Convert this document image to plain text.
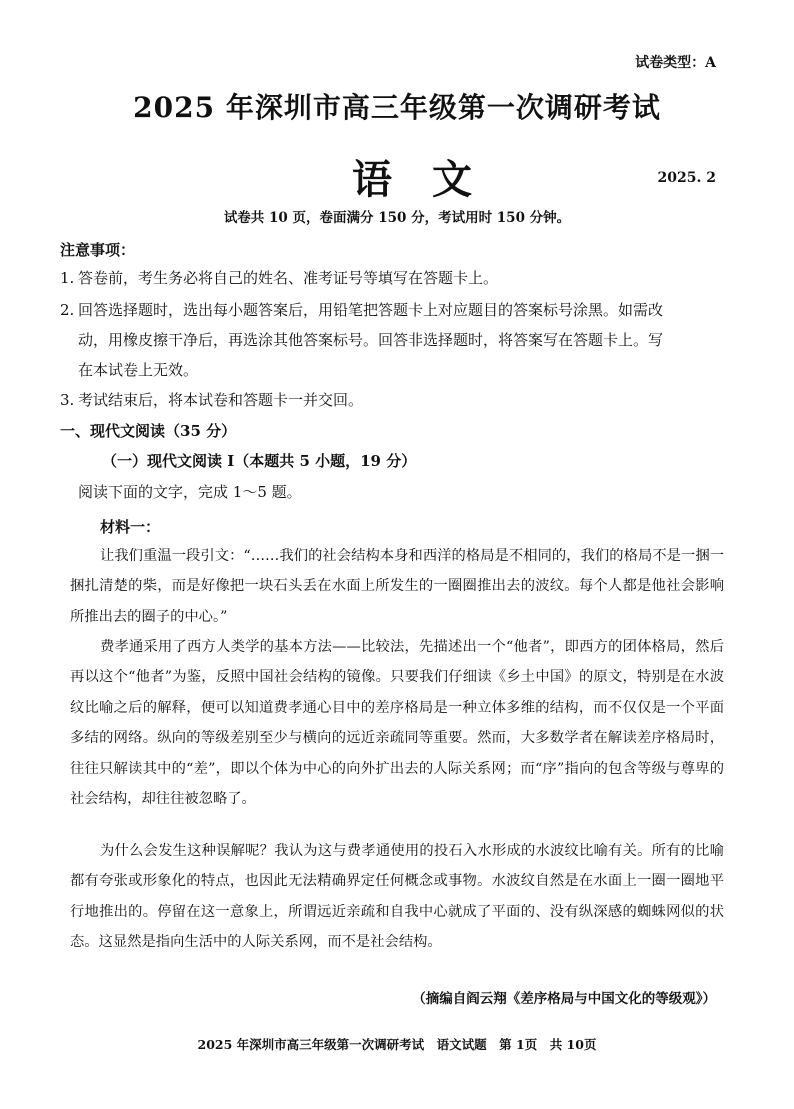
试卷类型：A
2025 年深圳市高三年级第一次调研考试
语文	2025. 2
试卷共 10 页，卷面满分 150 分，考试用时 150 分钟。
注意事项：
1. 答卷前，考生务必将自己的姓名、准考证号等填写在答题卡上。
2. 回答选择题时，选出每小题答案后，用铅笔把答题卡上对应题目的答案标号涂黑。如需改
动，用橡皮擦干净后，再选涂其他答案标号。回答非选择题时，将答案写在答题卡上。写
在本试卷上无效。
3. 考试结束后，将本试卷和答题卡一并交回。
一、现代文阅读（35 分）
（一）现代文阅读 I（本题共 5 小题，19 分）
阅读下面的文字，完成 1～5 题。
材料一：
让我们重温一段引文：“……我们的社会结构本身和西洋的格局是不相同的，我们的格局不是一捆一捆扎清楚的柴，而是好像把一块石头丢在水面上所发生的一圈圈推出去的波纹。每个人都是他社会影响所推出去的圈子的中心。”
费孝通采用了西方人类学的基本方法——比较法，先描述出一个“他者”，即西方的团体格局，然后再以这个“他者”为鉴，反照中国社会结构的镜像。只要我们仔细读《乡土中国》的原文，特别是在水波纹比喻之后的解释，便可以知道费孝通心目中的差序格局是一种立体多维的结构，而不仅仅是一个平面多结的网络。纵向的等级差别至少与横向的远近亲疏同等重要。然而，大多数学者在解读差序格局时，往往只解读其中的“差”，即以个体为中心的向外扩出去的人际关系网；而“序”指向的包含等级与尊卑的社会结构，却往往被忽略了。
为什么会发生这种误解呢？我认为这与费孝通使用的投石入水形成的水波纹比喻有关。所有的比喻都有夸张或形象化的特点，也因此无法精确界定任何概念或事物。水波纹自然是在水面上一圈一圈地平行地推出的。停留在这一意象上，所谓远近亲疏和自我中心就成了平面的、没有纵深感的蜘蛛网似的状态。这显然是指向生活中的人际关系网，而不是社会结构。
（摘编自阎云翔《差序格局与中国文化的等级观》）
2025 年深圳市高三年级第一次调研考试　语文试题　第 1页　共 10页
